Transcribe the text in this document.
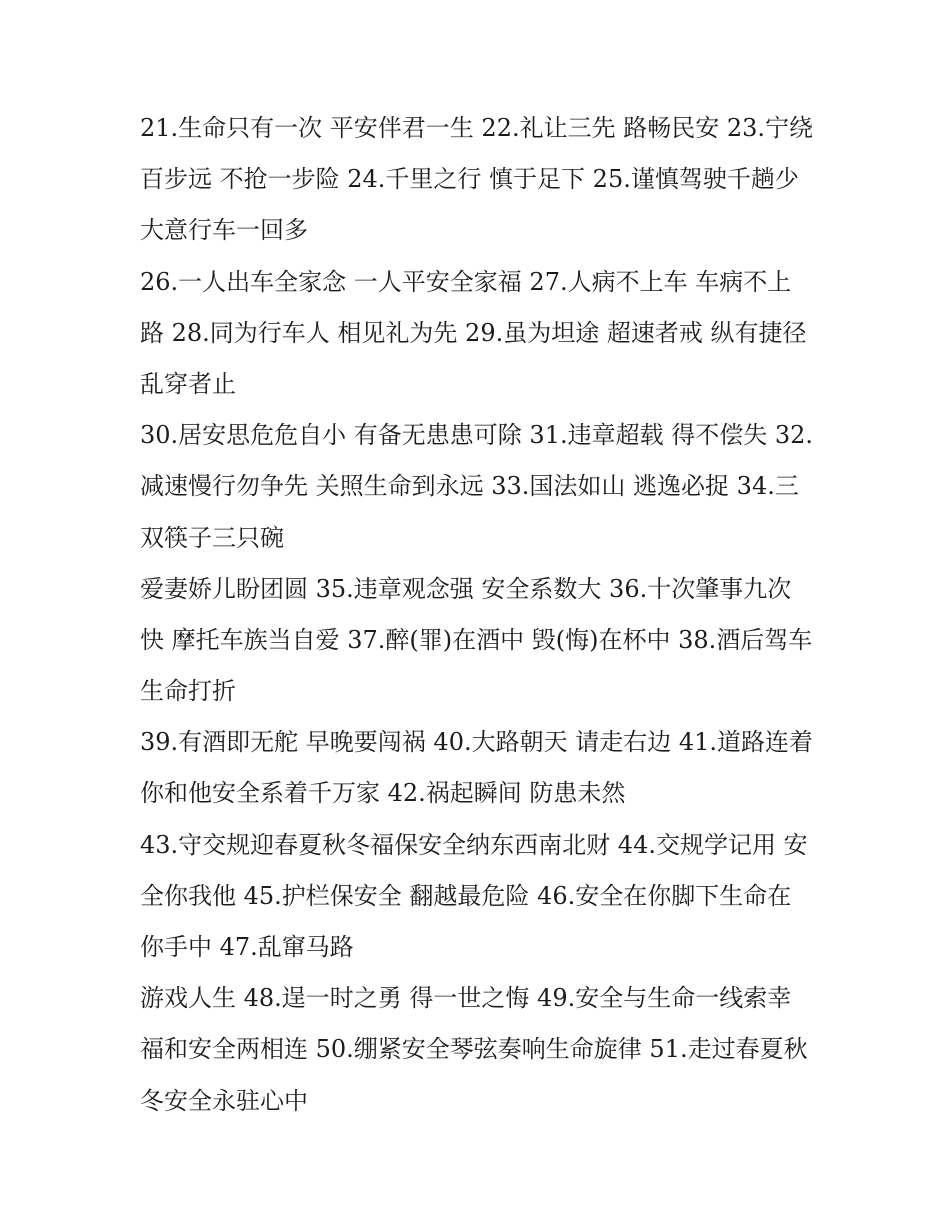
21.生命只有一次 平安伴君一生 22.礼让三先 路畅民安 23.宁绕
百步远 不抢一步险 24.千里之行 慎于足下 25.谨慎驾驶千趟少
大意行车一回多

26.一人出车全家念 一人平安全家福 27.人病不上车 车病不上
路 28.同为行车人 相见礼为先 29.虽为坦途 超速者戒 纵有捷径
乱穿者止

30.居安思危危自小 有备无患患可除 31.违章超载 得不偿失 32.
减速慢行勿争先 关照生命到永远 33.国法如山 逃逸必捉 34.三
双筷子三只碗

爱妻娇儿盼团圆 35.违章观念强 安全系数大 36.十次肇事九次
快 摩托车族当自爱 37.醉(罪)在酒中 毁(悔)在杯中 38.酒后驾车
生命打折

39.有酒即无舵 早晚要闯祸 40.大路朝天 请走右边 41.道路连着
你和他安全系着千万家 42.祸起瞬间 防患未然

43.守交规迎春夏秋冬福保安全纳东西南北财 44.交规学记用 安
全你我他 45.护栏保安全 翻越最危险 46.安全在你脚下生命在
你手中 47.乱窜马路

游戏人生 48.逞一时之勇 得一世之悔 49.安全与生命一线索幸
福和安全两相连 50.绷紧安全琴弦奏响生命旋律 51.走过春夏秋
冬安全永驻心中
